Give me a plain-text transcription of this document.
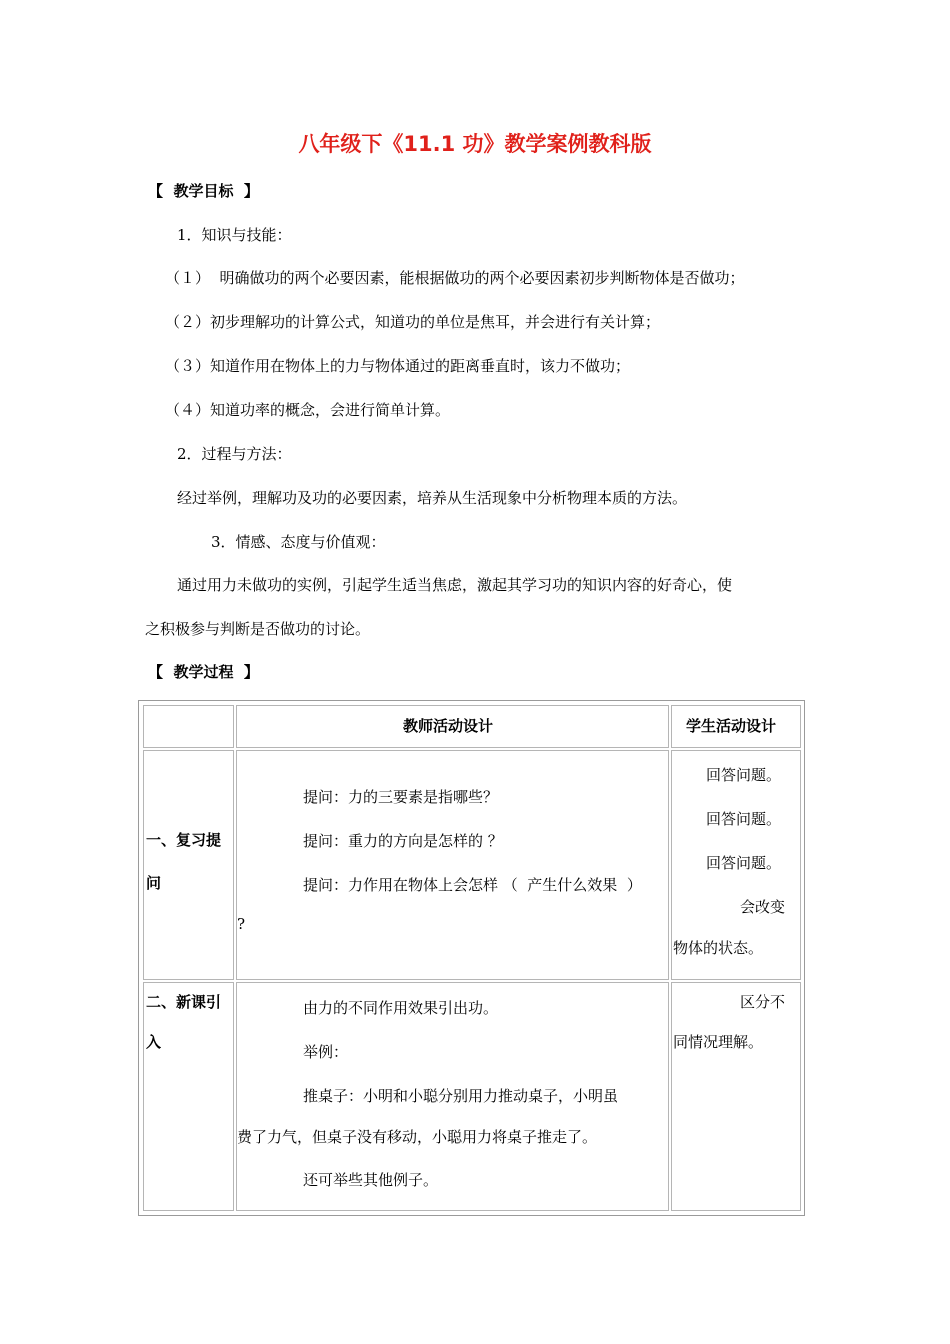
八年级下《11.1 功》教学案例教科版
【  教学目标  】
1．知识与技能：
（１）  明确做功的两个必要因素，能根据做功的两个必要因素初步判断物体是否做功；
（２）初步理解功的计算公式，知道功的单位是焦耳，并会进行有关计算；
（３）知道作用在物体上的力与物体通过的距离垂直时，该力不做功；
（４）知道功率的概念，会进行简单计算。
2．过程与方法：
经过举例，理解功及功的必要因素，培养从生活现象中分析物理本质的方法。
3．情感、态度与价值观：
通过用力未做功的实例，引起学生适当焦虑，激起其学习功的知识内容的好奇心，使
之积极参与判断是否做功的讨论。
【  教学过程  】
教师活动设计	学生活动设计
一、复习提
问
提问：力的三要素是指哪些？
提问：重力的方向是怎样的 ？
提问：力作用在物体上会怎样 （  产生什么效果  ）
?
回答问题。
回答问题。
回答问题。
会改变
物体的状态。
二、新课引
入
由力的不同作用效果引出功。
举例：
推桌子：小明和小聪分别用力推动桌子，小明虽
费了力气，但桌子没有移动，小聪用力将桌子推走了。
还可举些其他例子。
区分不
同情况理解。
